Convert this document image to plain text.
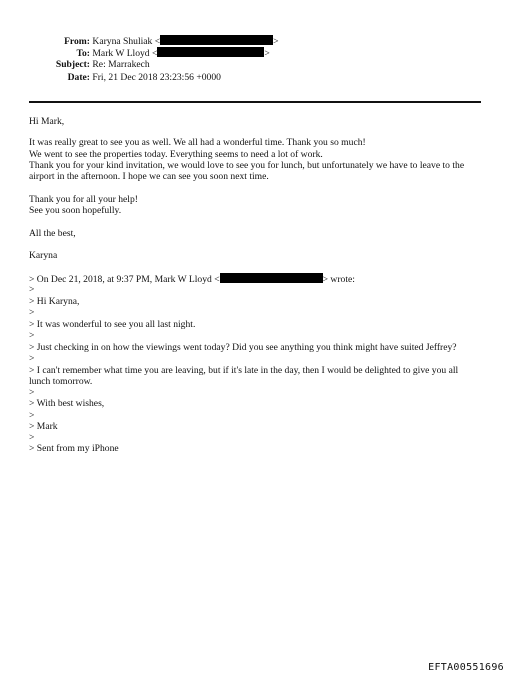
From: Karyna Shuliak <	>
To: Mark W Lloyd <	>
Subject: Re: Marrakech
Date: Fri, 21 Dec 2018 23:23:56 +0000
Hi Mark,
It was really great to see you as well. We all had a wonderful time. Thank you so much!
We went to see the properties today. Everything seems to need a lot of work.
Thank you for your kind invitation, we would love to see you for lunch, but unfortunately we have to leave to the
airport in the afternoon. I hope we can see you soon next time.
Thank you for all your help!
See you soon hopefully.
All the best,
Karyna
> On Dec 21, 2018, at 9:37 PM, Mark W Lloyd <	> wrote:
>
> Hi Karyna,
>
> It was wonderful to see you all last night.
>
> Just checking in on how the viewings went today? Did you see anything you think might have suited Jeffrey?
>
> I can't remember what time you are leaving, but if it's late in the day, then I would be delighted to give you all
lunch tomorrow.
>
> With best wishes,
>
> Mark
>
> Sent from my iPhone
EFTA00551696
